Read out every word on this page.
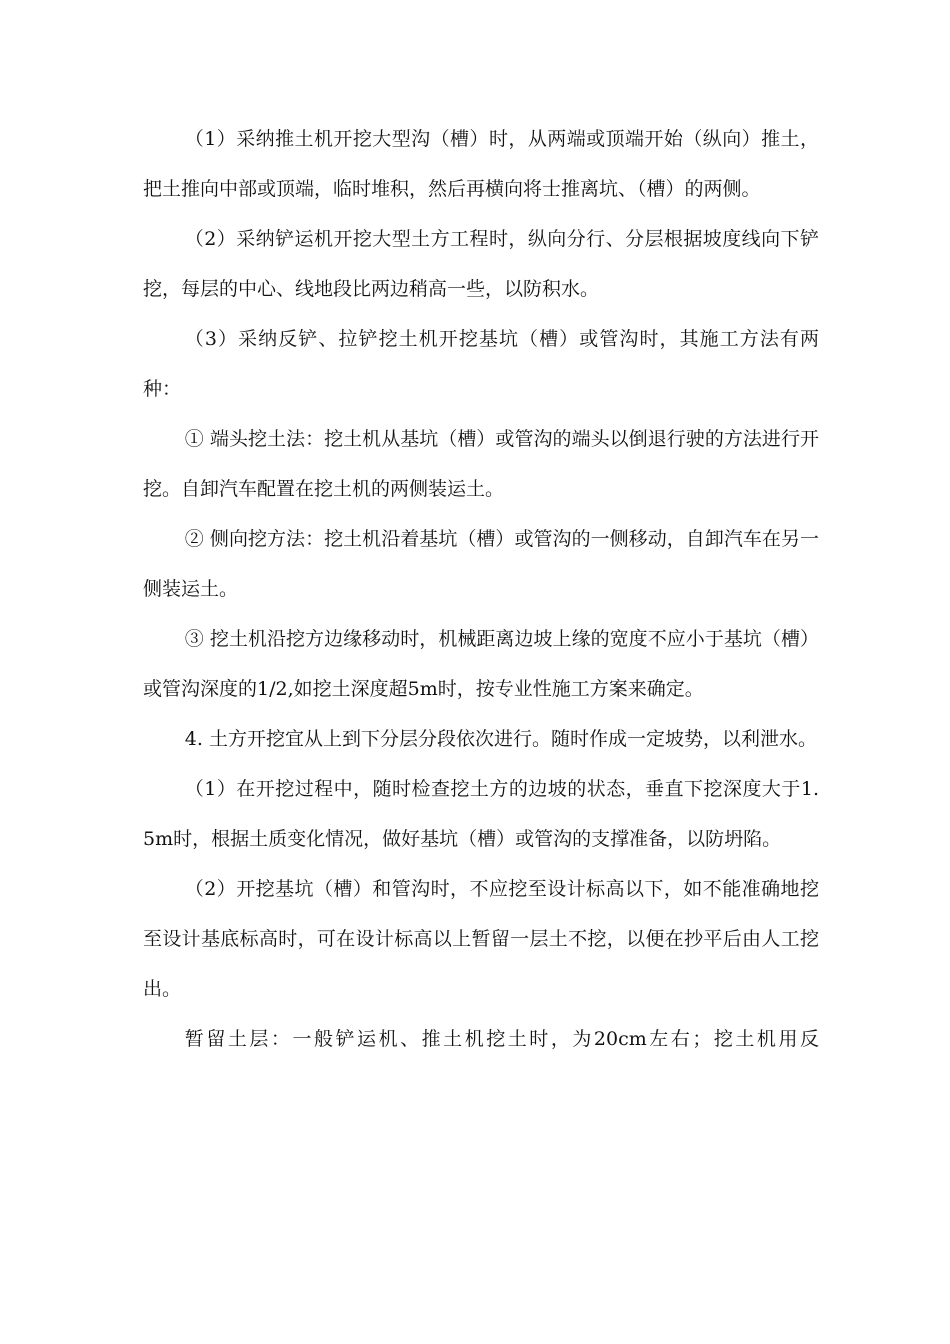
（1）采纳推土机开挖大型沟（槽）时，从两端或顶端开始（纵向）推土，把土推向中部或顶端，临时堆积，然后再横向将士推离坑、（槽）的两侧。

（2）采纳铲运机开挖大型土方工程时，纵向分行、分层根据坡度线向下铲挖，每层的中心、线地段比两边稍高一些，以防积水。

（3）采纳反铲、拉铲挖土机开挖基坑（槽）或管沟时，其施工方法有两种：

① 端头挖土法：挖土机从基坑（槽）或管沟的端头以倒退行驶的方法进行开挖。自卸汽车配置在挖土机的两侧装运土。

② 侧向挖方法：挖土机沿着基坑（槽）或管沟的一侧移动，自卸汽车在另一侧装运土。

③ 挖土机沿挖方边缘移动时，机械距离边坡上缘的宽度不应小于基坑（槽）或管沟深度的1/2,如挖土深度超5m时，按专业性施工方案来确定。

4. 土方开挖宜从上到下分层分段依次进行。随时作成一定坡势，以利泄水。

（1）在开挖过程中，随时检查挖土方的边坡的状态，垂直下挖深度大于1. 5m时，根据土质变化情况，做好基坑（槽）或管沟的支撑准备，以防坍陷。

（2）开挖基坑（槽）和管沟时，不应挖至设计标高以下，如不能准确地挖至设计基底标高时，可在设计标高以上暂留一层土不挖，以便在抄平后由人工挖出。

暂留土层：一般铲运机、推土机挖土时，为20cm左右；挖土机用反
